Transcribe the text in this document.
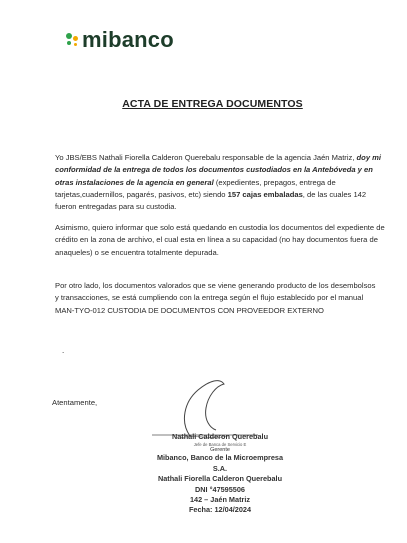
mibanco
ACTA DE ENTREGA DOCUMENTOS
Yo JBS/EBS Nathali Fiorella Calderon Querebalu responsable de la agencia Jaén Matriz, doy mi conformidad de la entrega de todos los documentos custodiados en la Antebóveda y en otras instalaciones de la agencia en general (expedientes, prepagos, entrega de tarjetas,cuadernillos, pagarés, pasivos, etc) siendo 157 cajas embaladas, de las cuales 142 fueron entregadas para su custodia.
Asimismo, quiero informar que solo está quedando en custodia los documentos del expediente de crédito en la zona de archivo, el cual esta en línea a su capacidad (no hay documentos fuera de anaqueles) o se encuentra totalmente depurada.
Por otro lado, los documentos valorados que se viene generando producto de los desembolsos
y transacciones, se está cumpliendo con la entrega según el flujo establecido por el manual
MAN-TYO-012 CUSTODIA DE DOCUMENTOS CON PROVEEDOR EXTERNO
.
Atentamente,
Nathali Calderon Querebalu
Jefe de Banca de Servicio E
Gerente
Mibanco, Banco de la Microempresa S.A.
Nathali Fiorella Calderon Querebalu
DNI °47595506
142 – Jaén Matriz
Fecha: 12/04/2024
